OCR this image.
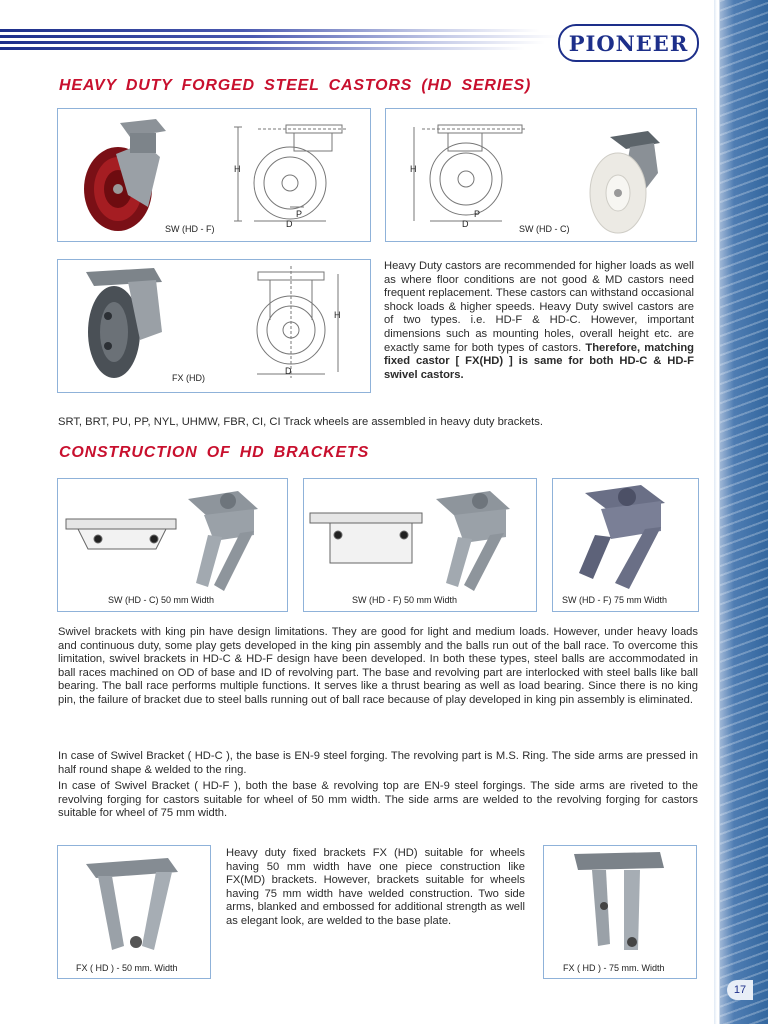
PIONEER
HEAVY DUTY FORGED STEEL CASTORS (HD SERIES)
H
P
D
SW (HD - F)
H
P
D	SW (HD - C)
H
D
FX (HD)
Heavy Duty castors are recommended for higher loads as well as where floor conditions are not good & MD castors need frequent replacement. These castors can withstand occasional shock loads & higher speeds. Heavy Duty swivel castors are of two types. i.e. HD-F & HD-C. However, important dimensions such as mounting holes, overall height etc. are exactly same for both types of castors. Therefore, matching fixed castor [ FX(HD) ] is same for both HD-C & HD-F swivel castors.
SRT, BRT, PU, PP, NYL, UHMW, FBR, CI, CI Track wheels are assembled in heavy duty brackets.
CONSTRUCTION OF HD BRACKETS
SW (HD - C) 50 mm Width	SW (HD - F) 50 mm Width	SW (HD - F) 75 mm Width
Swivel brackets with king pin have design limitations. They are good for light and medium loads. However, under heavy loads and continuous duty, some play gets developed in the king pin assembly and the balls run out of the ball race. To overcome this limitation, swivel brackets in HD-C & HD-F design have been developed. In both these types, steel balls are accommodated in ball races machined on OD of base and ID of revolving part. The base and revolving part are interlocked with steel balls like ball bearing. The ball race performs multiple functions. It serves like a thrust bearing as well as load bearing. Since there is no king pin, the failure of bracket due to steel balls running out of ball race because of play developed in king pin assembly is eliminated.
In case of Swivel Bracket ( HD-C ), the base is EN-9 steel forging. The revolving part is M.S. Ring. The side arms are pressed in half round shape & welded to the ring.
In case of Swivel Bracket ( HD-F ), both the base & revolving top are EN-9 steel forgings. The side arms are riveted to the revolving forging for castors suitable for wheel of 50 mm width. The side arms are welded to the revolving forging for castors suitable for wheel of 75 mm width.
FX ( HD ) - 50 mm. Width
Heavy duty fixed brackets FX (HD) suitable for wheels having 50 mm width have one piece construction like FX(MD) brackets. However, brackets suitable for wheels having 75 mm width have welded construction. Two side arms, blanked and embossed for additional strength as well as elegant look, are welded to the base plate.
FX ( HD ) - 75 mm. Width
17
